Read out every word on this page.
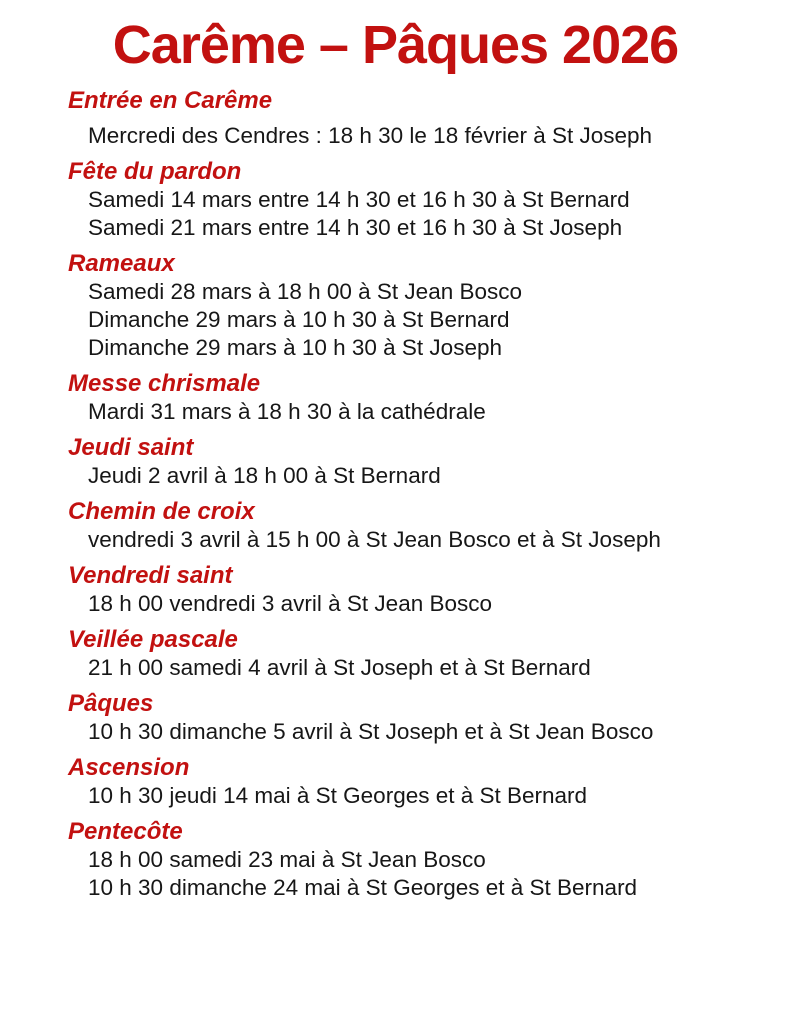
Carême – Pâques 2026
Entrée en Carême

Mercredi des Cendres : 18 h 30 le 18 février à St Joseph

Fête du pardon

Samedi 14 mars entre 14 h 30 et 16 h 30 à St Bernard

Samedi 21 mars entre 14 h 30 et 16 h 30 à St Joseph

Rameaux

Samedi 28 mars à 18 h 00 à St Jean Bosco

Dimanche 29 mars à 10 h 30 à St Bernard

Dimanche 29 mars à 10 h 30 à St Joseph

Messe chrismale

Mardi 31 mars à 18 h 30 à la cathédrale

Jeudi saint

Jeudi 2 avril à 18 h 00 à St Bernard

Chemin de croix

vendredi 3 avril à 15 h 00 à St Jean Bosco et à St Joseph

Vendredi saint

18 h 00 vendredi 3 avril à St Jean Bosco

Veillée pascale

21 h 00 samedi 4 avril à St Joseph et à St Bernard

Pâques

10 h 30 dimanche 5 avril à St Joseph et à St Jean Bosco

Ascension

10 h 30 jeudi 14 mai à St Georges et à St Bernard

Pentecôte

18 h 00 samedi 23 mai à St Jean Bosco

10 h 30 dimanche 24 mai à St Georges et à St Bernard
